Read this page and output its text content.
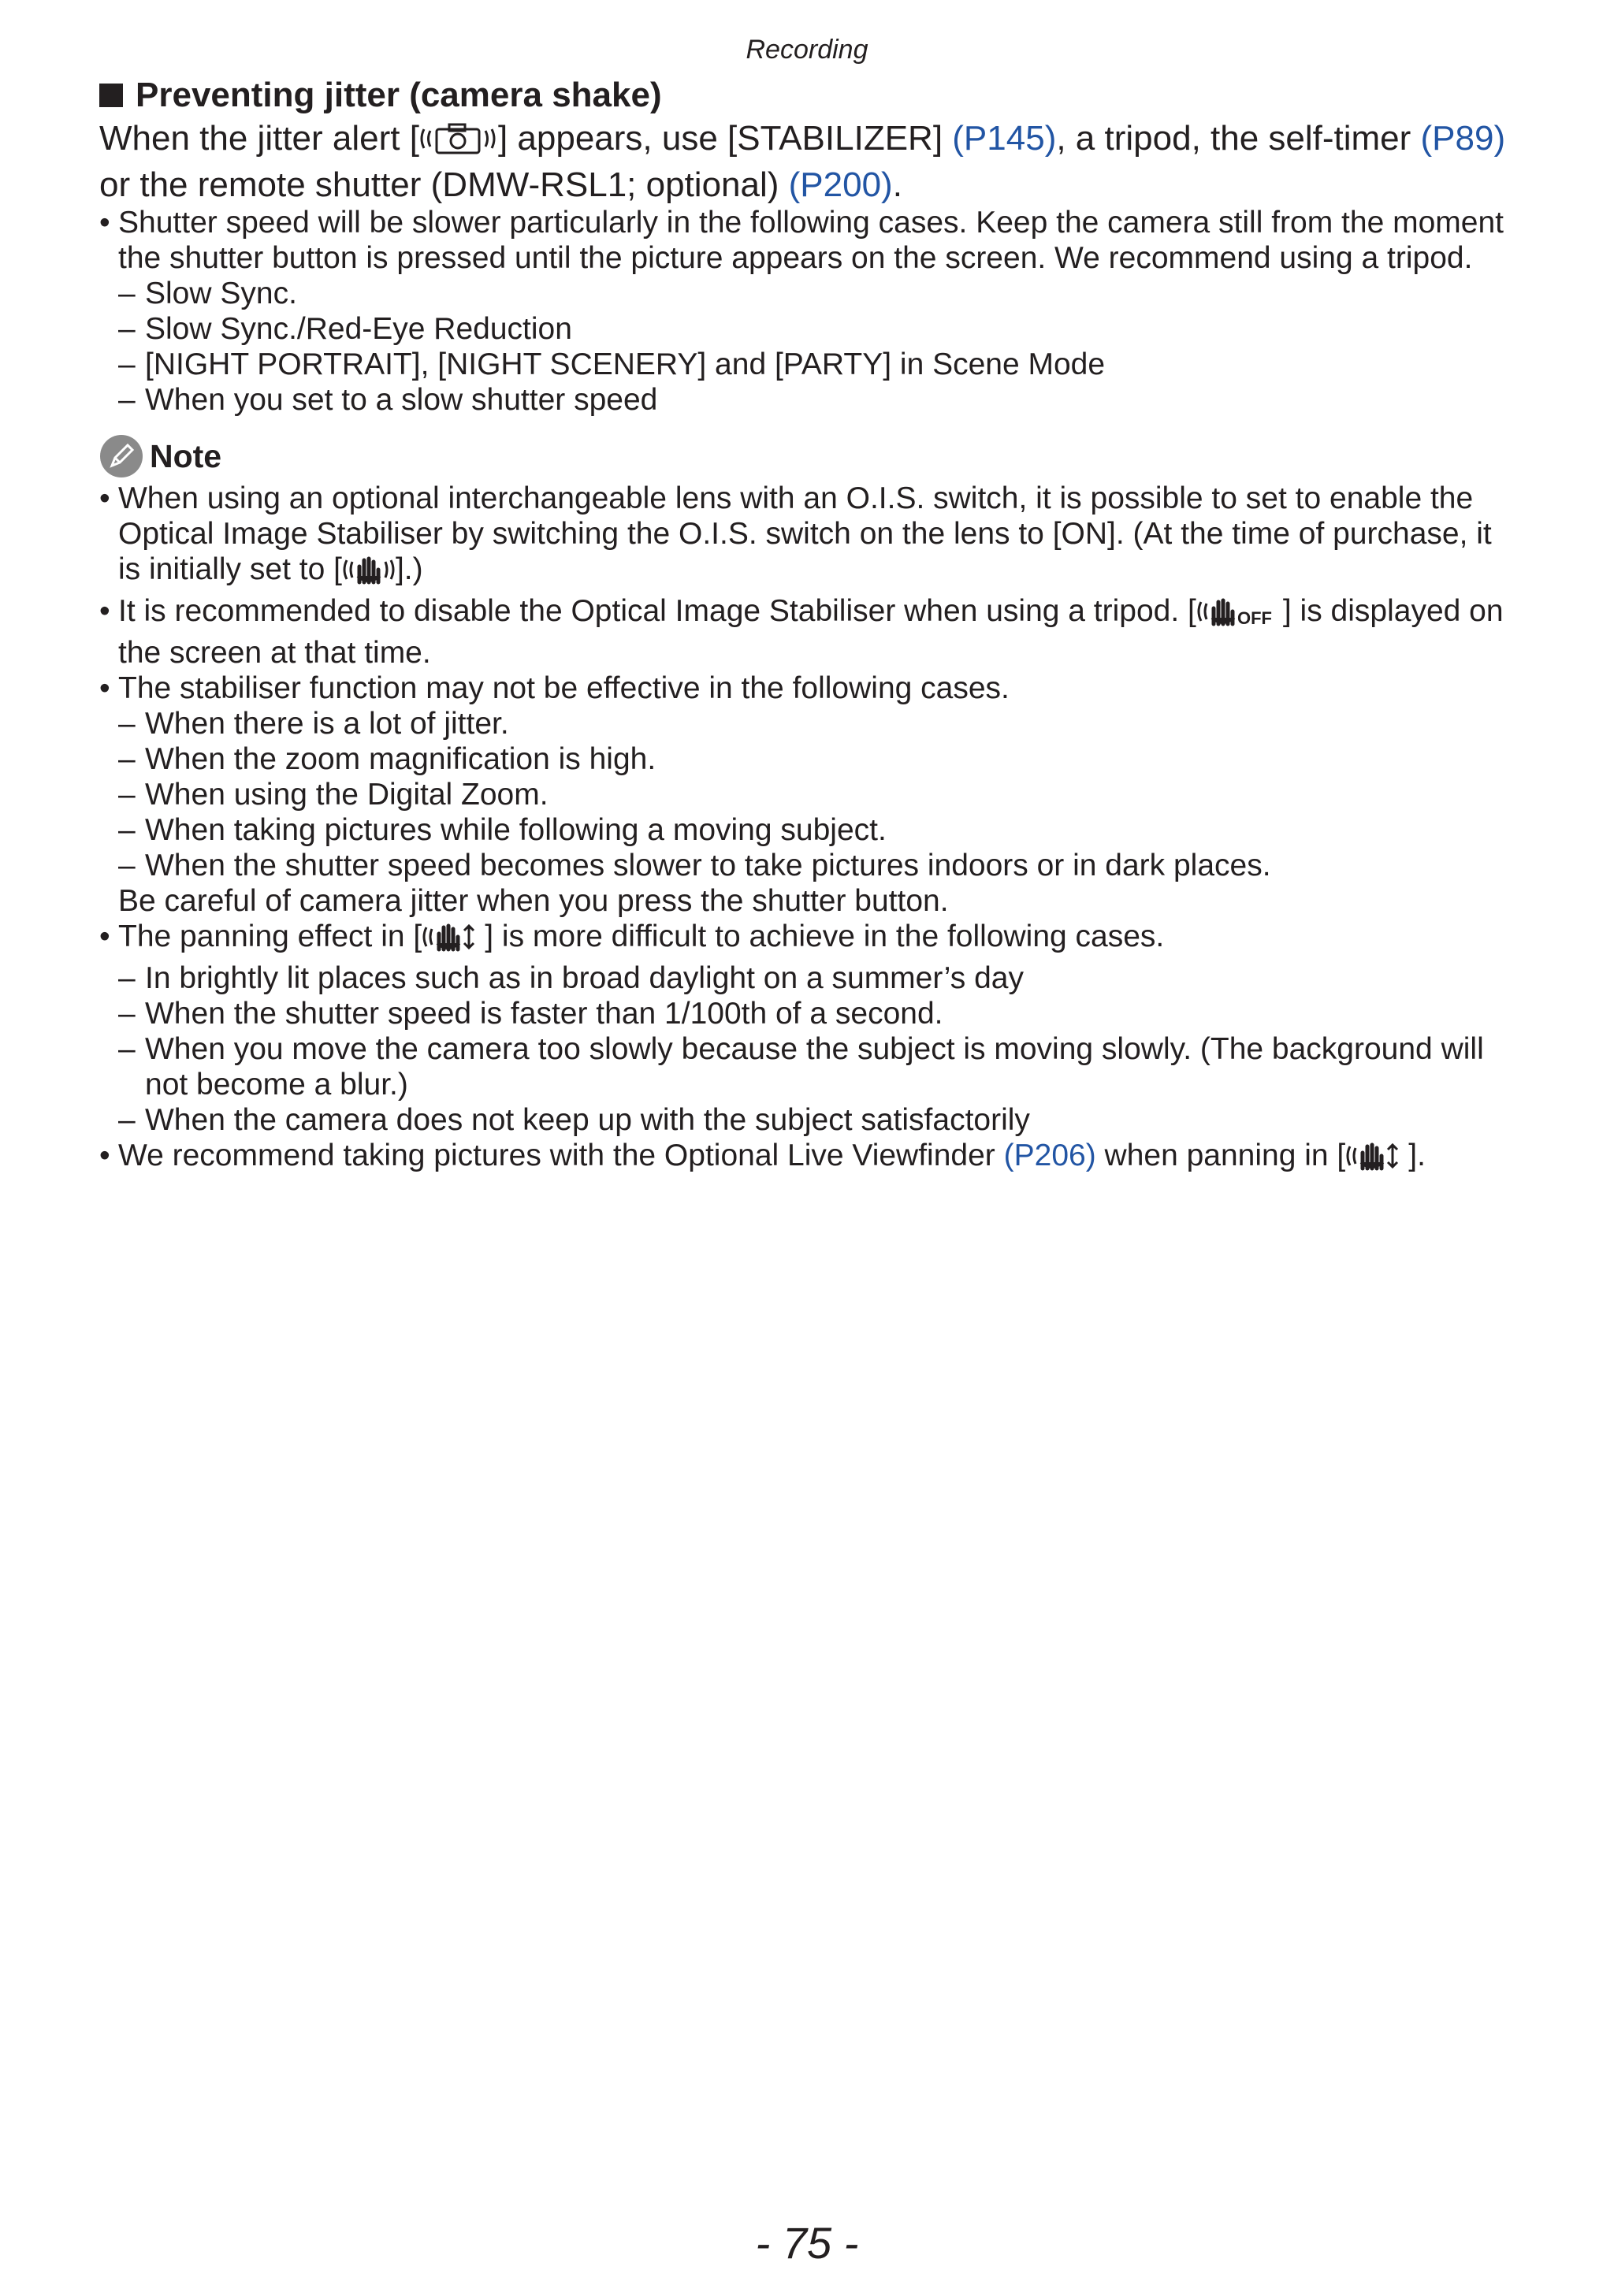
Recording
Preventing jitter (camera shake)
When the jitter alert [ ] appears, use [STABILIZER] (P145), a tripod, the self-timer (P89) or the remote shutter (DMW-RSL1; optional) (P200).
• Shutter speed will be slower particularly in the following cases. Keep the camera still from the moment the shutter button is pressed until the picture appears on the screen. We recommend using a tripod.
– Slow Sync.
– Slow Sync./Red-Eye Reduction
– [NIGHT PORTRAIT], [NIGHT SCENERY] and [PARTY] in Scene Mode
– When you set to a slow shutter speed
Note
• When using an optional interchangeable lens with an O.I.S. switch, it is possible to set to enable the Optical Image Stabiliser by switching the O.I.S. switch on the lens to [ON]. (At the time of purchase, it is initially set to [ ].)
• It is recommended to disable the Optical Image Stabiliser when using a tripod. [ OFF ] is displayed on the screen at that time.
• The stabiliser function may not be effective in the following cases.
– When there is a lot of jitter.
– When the zoom magnification is high.
– When using the Digital Zoom.
– When taking pictures while following a moving subject.
– When the shutter speed becomes slower to take pictures indoors or in dark places.
Be careful of camera jitter when you press the shutter button.
• The panning effect in [ ] is more difficult to achieve in the following cases.
– In brightly lit places such as in broad daylight on a summer’s day
– When the shutter speed is faster than 1/100th of a second.
– When you move the camera too slowly because the subject is moving slowly. (The background will not become a blur.)
– When the camera does not keep up with the subject satisfactorily
• We recommend taking pictures with the Optional Live Viewfinder (P206) when panning in [ ].
- 75 -
